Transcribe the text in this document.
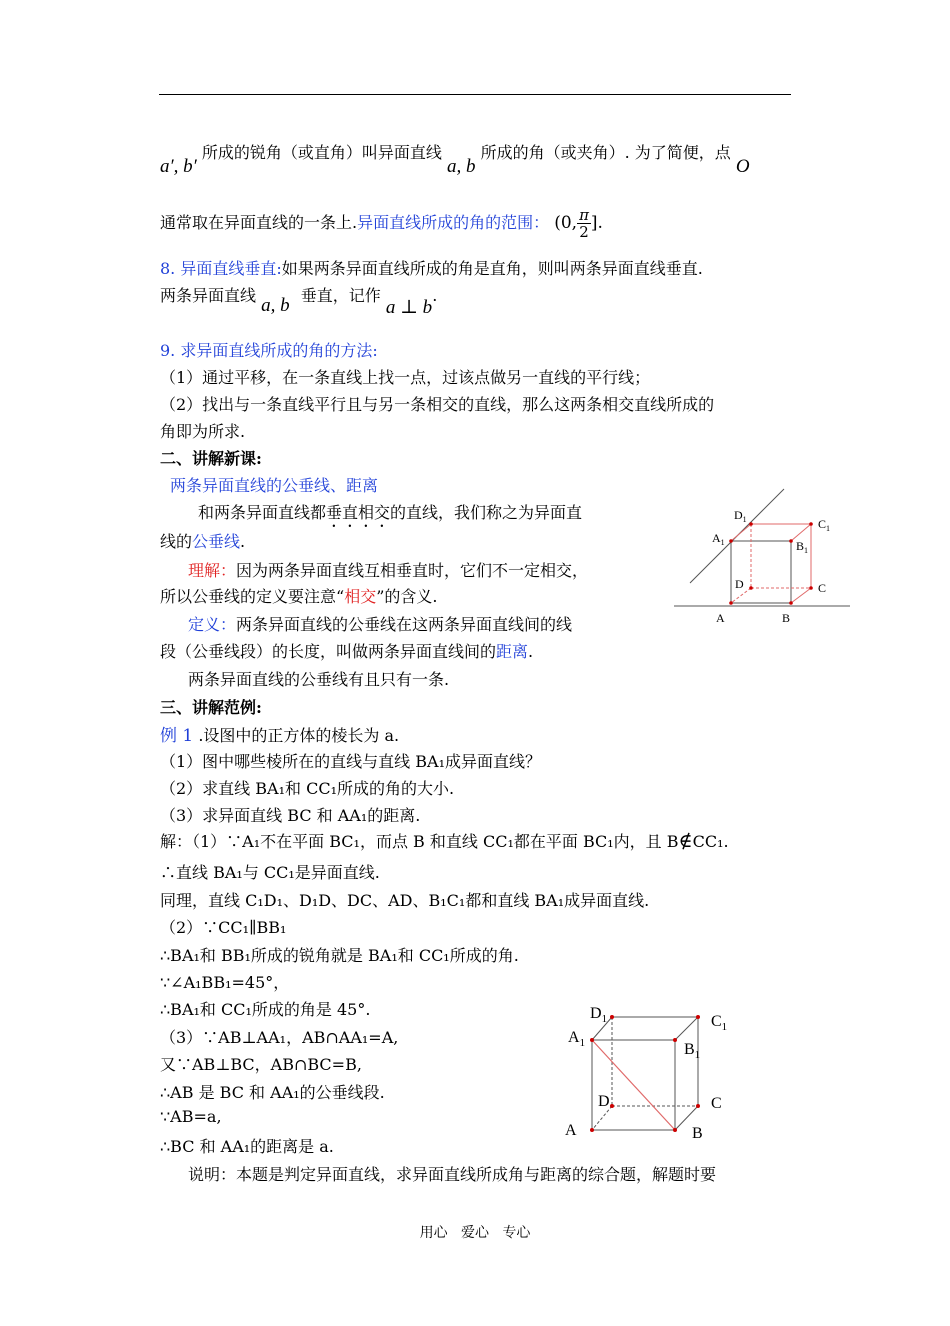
a′, b′ 所成的锐角（或直角）叫异面直线 a, b 所成的角（或夹角）. 为了简便，点 O
通常取在异面直线的一条上.异面直线所成的角的范围： (0, $\frac{\pi}{2}$ ].
8. 异面直线垂直:如果两条异面直线所成的角是直角，则叫两条异面直线垂直.
两条异面直线 a, b 垂直，记作 a ⊥ b.
9. 求异面直线所成的角的方法:
（1）通过平移，在一条直线上找一点，过该点做另一直线的平行线；
（2）找出与一条直线平行且与另一条相交的直线，那么这两条相交直线所成的
角即为所求.
二、讲解新课:
两条异面直线的公垂线、距离
和两条异面直线都垂直相交的直线，我们称之为异面直
线的公垂线.
理解：因为两条异面直线互相垂直时，它们不一定相交，
所以公垂线的定义要注意“相交”的含义.
定义：两条异面直线的公垂线在这两条异面直线间的线
段（公垂线段）的长度，叫做两条异面直线间的距离.
两条异面直线的公垂线有且只有一条.
$D_1$	$C_1$
$A_1$	$B_1$
D	C
A	B
三、讲解范例:
例 1 .设图中的正方体的棱长为 a.
（1）图中哪些棱所在的直线与直线 BA₁成异面直线？
（2）求直线 BA₁和 CC₁所成的角的大小.
（3）求异面直线 BC 和 AA₁的距离.
解：（1）∵A₁不在平面 BC₁，而点 B 和直线 CC₁都在平面 BC₁内，且 B∉CC₁.
∴直线 BA₁与 CC₁是异面直线.
同理，直线 C₁D₁、D₁D、DC、AD、B₁C₁都和直线 BA₁成异面直线.
（2）∵CC₁∥BB₁
∴BA₁和 BB₁所成的锐角就是 BA₁和 CC₁所成的角.
∵∠A₁BB₁=45°，
∴BA₁和 CC₁所成的角是 45°.
（3）∵AB⊥AA₁，AB∩AA₁=A,
又∵AB⊥BC，AB∩BC=B,
∴AB 是 BC 和 AA₁的公垂线段.
∵AB=a,
∴BC 和 AA₁的距离是 a.
说明：本题是判定异面直线，求异面直线所成角与距离的综合题，解题时要
$D_1$	$C_1$
$A_1$	$B_1$
D	C
A	B
用心   爱心   专心
